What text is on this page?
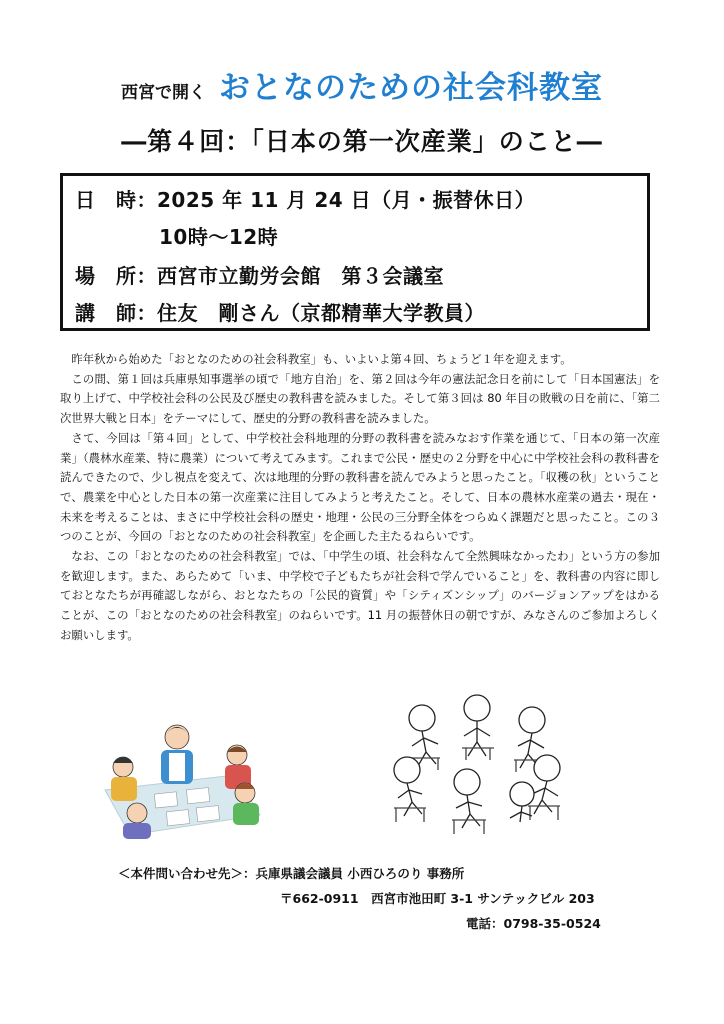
西宮で開く おとなのための社会科教室
―第４回：「日本の第一次産業」のこと―
日　時：2025 年 11 月 24 日（月・振替休日）
10時～12時
場　所：西宮市立勤労会館　第３会議室
講　師：住友　剛さん（京都精華大学教員）

昨年秋から始めた「おとなのための社会科教室」も、いよいよ第４回、ちょうど１年を迎えます。

この間、第１回は兵庫県知事選挙の頃で「地方自治」を、第２回は今年の憲法記念日を前にして「日本国憲法」を取り上げて、中学校社会科の公民及び歴史の教科書を読みました。そして第３回は 80 年目の敗戦の日を前に、「第二次世界大戦と日本」をテーマにして、歴史的分野の教科書を読みました。

さて、今回は「第４回」として、中学校社会科地理的分野の教科書を読みなおす作業を通じて、「日本の第一次産業」（農林水産業、特に農業）について考えてみます。これまで公民・歴史の２分野を中心に中学校社会科の教科書を読んできたので、少し視点を変えて、次は地理的分野の教科書を読んでみようと思ったこと。「収穫の秋」ということで、農業を中心とした日本の第一次産業に注目してみようと考えたこと。そして、日本の農林水産業の過去・現在・未来を考えることは、まさに中学校社会科の歴史・地理・公民の三分野全体をつらぬく課題だと思ったこと。この３つのことが、今回の「おとなのための社会科教室」を企画した主たるねらいです。

なお、この「おとなのための社会科教室」では、「中学生の頃、社会科なんて全然興味なかったわ」という方の参加を歓迎します。また、あらためて「いま、中学校で子どもたちが社会科で学んでいること」を、教科書の内容に即しておとなたちが再確認しながら、おとなたちの「公民的資質」や「シティズンシップ」のバージョンアップをはかることが、この「おとなのための社会科教室」のねらいです。11 月の振替休日の朝ですが、みなさんのご参加よろしくお願いします。

＜本件問い合わせ先＞：兵庫県議会議員 小西ひろのり 事務所
〒662-0911　西宮市池田町 3-1 サンテックビル 203
電話：0798-35-0524
